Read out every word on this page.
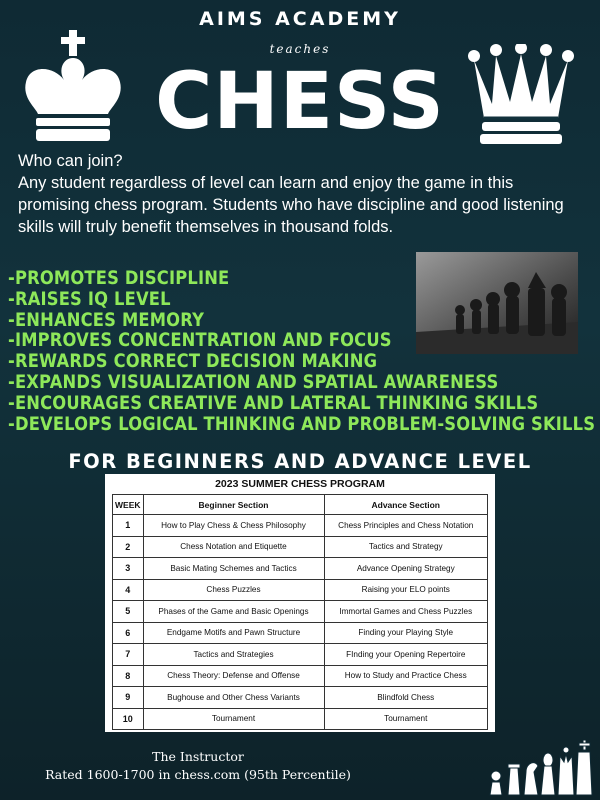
AIMS ACADEMY
teaches
CHESS
Who can join?
Any student regardless of level can learn and enjoy the game in this promising chess program. Students who have discipline and good listening skills will truly benefit themselves in thousand folds.
-PROMOTES DISCIPLINE
-RAISES IQ LEVEL
-ENHANCES MEMORY
-IMPROVES CONCENTRATION AND FOCUS
-REWARDS CORRECT DECISION MAKING
-EXPANDS VISUALIZATION AND SPATIAL AWARENESS
-ENCOURAGES CREATIVE AND LATERAL THINKING SKILLS
-DEVELOPS LOGICAL THINKING AND PROBLEM-SOLVING SKILLS
FOR BEGINNERS AND ADVANCE LEVEL
2023 SUMMER CHESS PROGRAM
WEEK	Beginner Section	Advance Section
1	How to Play Chess & Chess Philosophy	Chess Principles and Chess Notation
2	Chess Notation and Etiquette	Tactics and Strategy
3	Basic Mating Schemes and Tactics	Advance Opening Strategy
4	Chess Puzzles	Raising your ELO points
5	Phases of the Game and Basic Openings	Immortal Games and Chess Puzzles
6	Endgame Motifs and Pawn Structure	Finding your Playing Style
7	Tactics and Strategies	FInding your Opening Repertoire
8	Chess Theory: Defense and Offense	How to Study and Practice Chess
9	Bughouse and Other Chess Variants	Blindfold Chess
10	Tournament	Tournament
The Instructor
Rated 1600-1700 in chess.com (95th Percentile)
